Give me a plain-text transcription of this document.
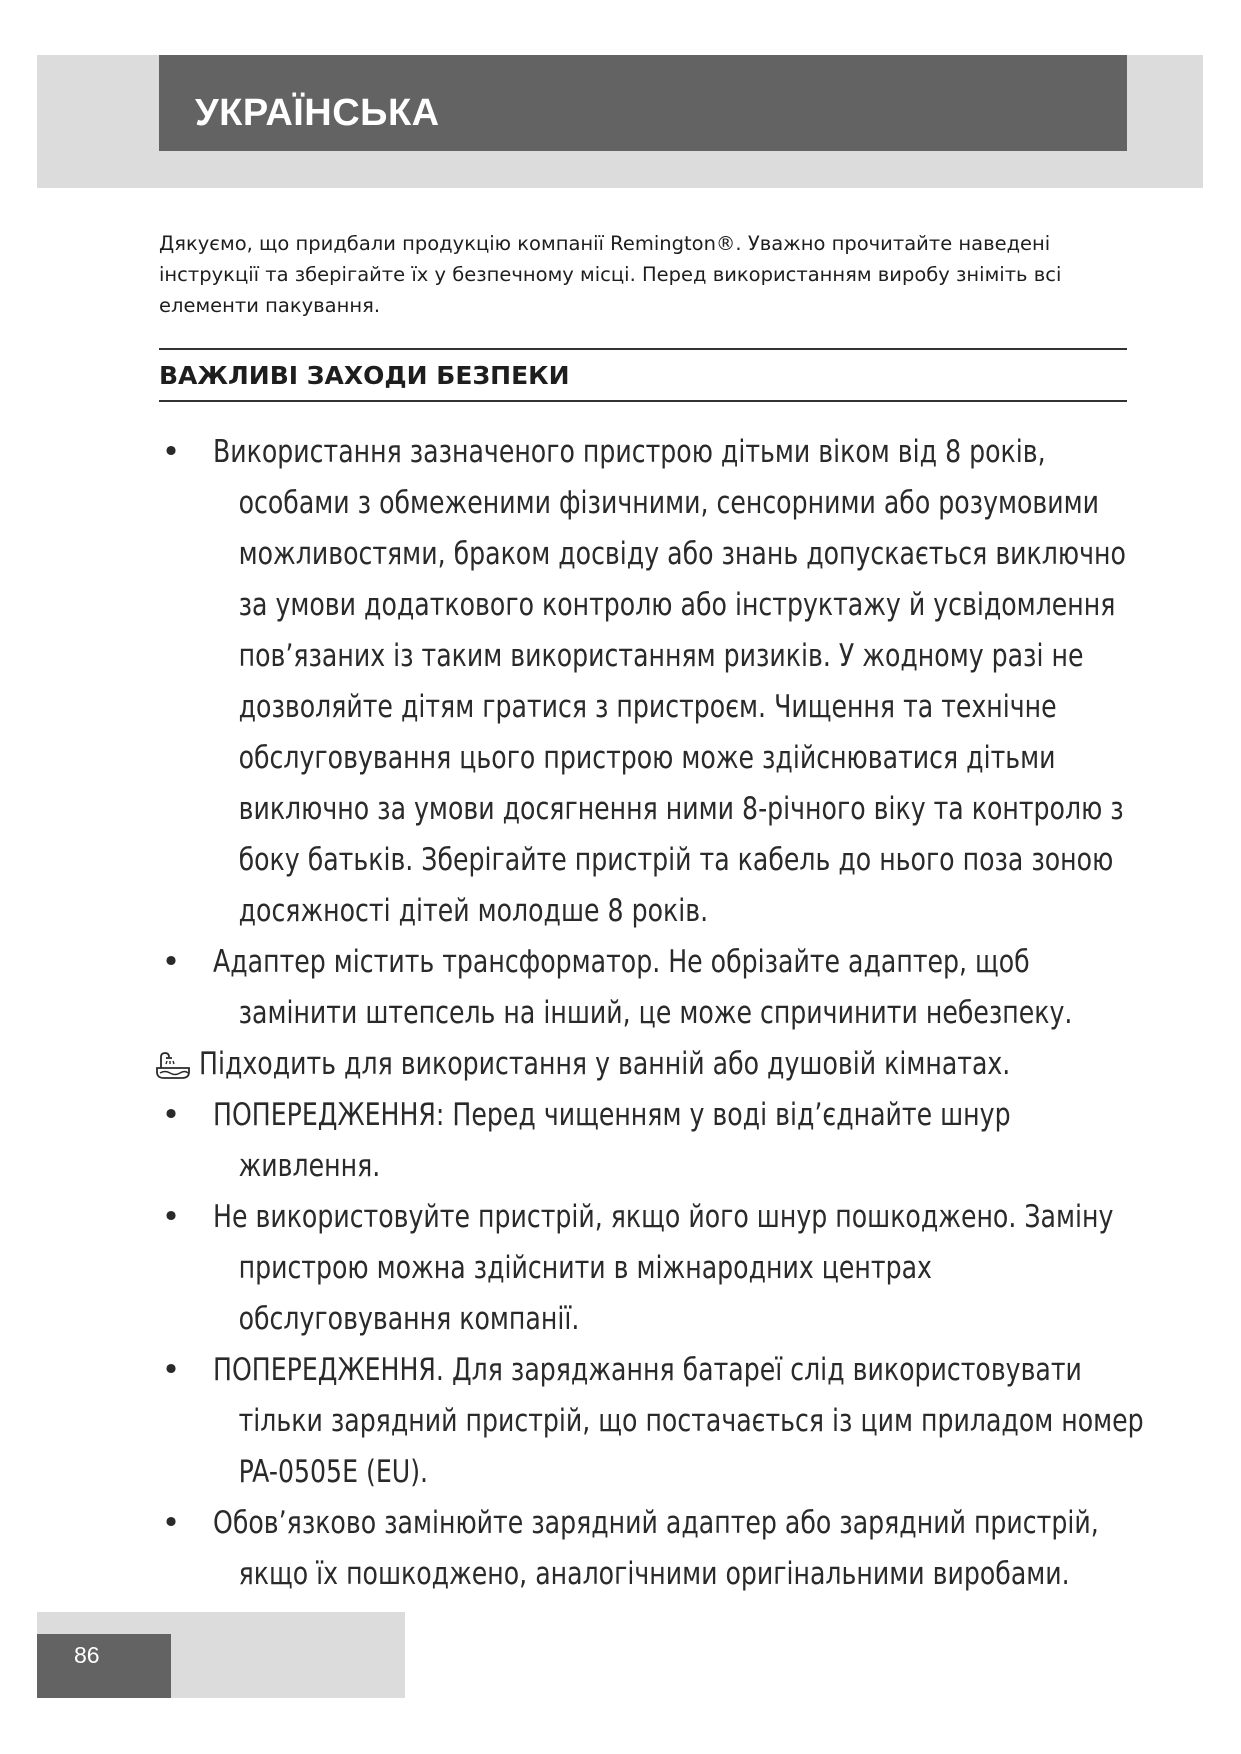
УКРАЇНСЬКА

Дякуємо, що придбали продукцію компанії Remington®. Уважно прочитайте наведені інструкції та зберігайте їх у безпечному місці. Перед використанням виробу зніміть всі елементи пакування.

ВАЖЛИВІ ЗАХОДИ БЕЗПЕКИ
• Використання зазначеного пристрою дітьми віком від 8 років, особами з обмеженими фізичними, сенсорними або розумовими можливостями, браком досвіду або знань допускається виключно за умови додаткового контролю або інструктажу й усвідомлення пов’язаних із таким використанням ризиків. У жодному разі не дозволяйте дітям гратися з пристроєм. Чищення та технічне обслуговування цього пристрою може здійснюватися дітьми виключно за умови досягнення ними 8-річного віку та контролю з боку батьків. Зберігайте пристрій та кабель до нього поза зоною досяжності дітей молодше 8 років.
• Адаптер містить трансформатор. Не обрізайте адаптер, щоб замінити штепсель на інший, це може спричинити небезпеку.
Підходить для використання у ванній або душовій кімнатах.
• ПОПЕРЕДЖЕННЯ: Перед чищенням у воді від’єднайте шнур живлення.
• Не використовуйте пристрій, якщо його шнур пошкоджено. Заміну пристрою можна здійснити в міжнародних центрах обслуговування компанії.
• ПОПЕРЕДЖЕННЯ. Для заряджання батареї слід використовувати тільки зарядний пристрій, що постачається із цим приладом номер PA-0505E (EU).
• Обов’язково замінюйте зарядний адаптер або зарядний пристрій, якщо їх пошкоджено, аналогічними оригінальними виробами.
86
